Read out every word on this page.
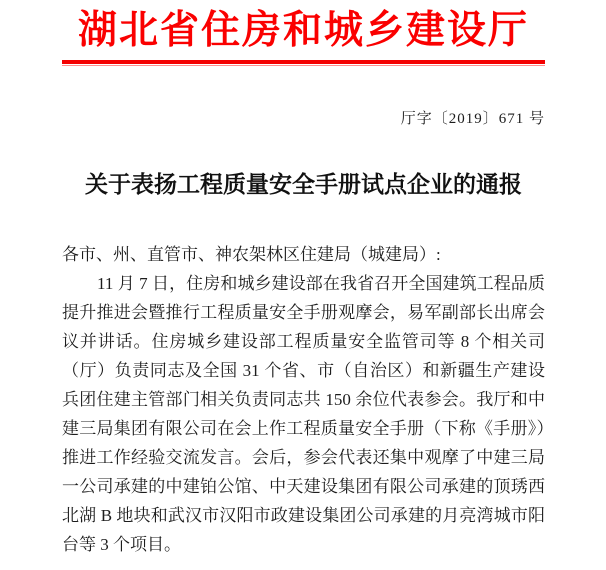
湖北省住房和城乡建设厅
厅字〔2019〕671 号
关于表扬工程质量安全手册试点企业的通报
各市、州、直管市、神农架林区住建局（城建局）:
11 月 7 日，住房和城乡建设部在我省召开全国建筑工程品质提升推进会暨推行工程质量安全手册观摩会，易军副部长出席会议并讲话。住房城乡建设部工程质量安全监管司等 8 个相关司（厅）负责同志及全国 31 个省、市（自治区）和新疆生产建设兵团住建主管部门相关负责同志共 150 余位代表参会。我厅和中建三局集团有限公司在会上作工程质量安全手册（下称《手册》）推进工作经验交流发言。会后，参会代表还集中观摩了中建三局一公司承建的中建铂公馆、中天建设集团有限公司承建的顶琇西北湖 B 地块和武汉市汉阳市政建设集团公司承建的月亮湾城市阳台等 3 个项目。
